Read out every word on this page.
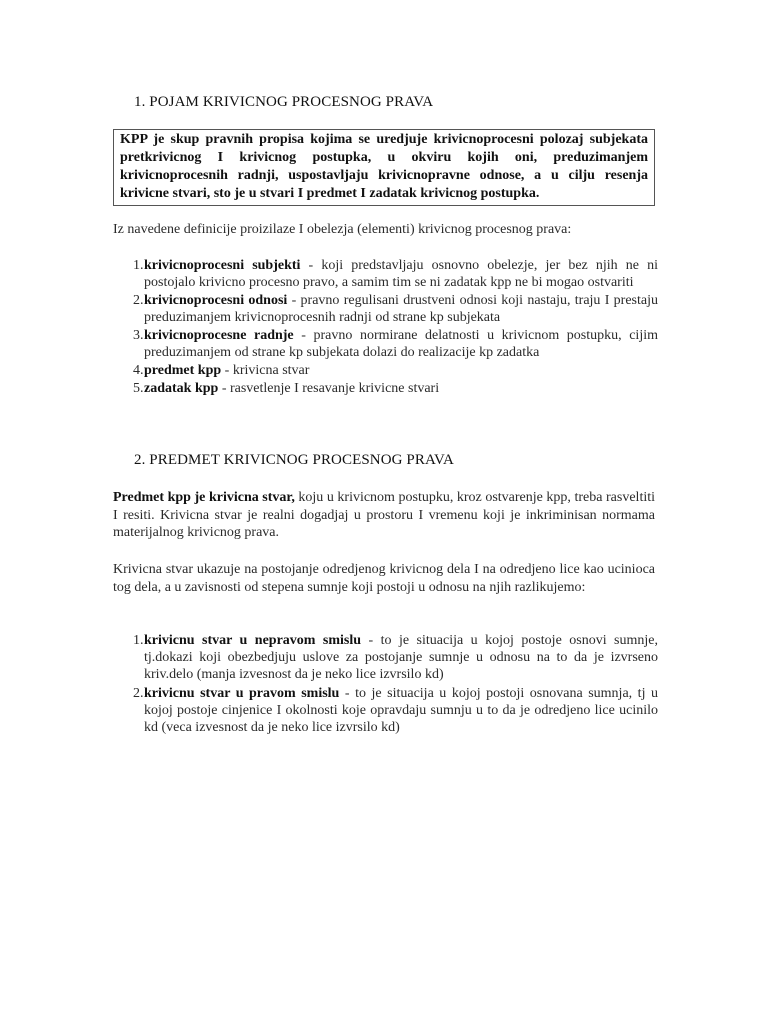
1. POJAM KRIVICNOG PROCESNOG PRAVA
KPP je skup pravnih propisa kojima se uredjuje krivicnoprocesni polozaj subjekata pretkrivicnog I krivicnog postupka, u okviru kojih oni, preduzimanjem krivicnoprocesnih radnji, uspostavljaju krivicnopravne odnose, a u cilju resenja krivicne stvari, sto je u stvari I predmet I zadatak krivicnog postupka.
Iz navedene definicije proizilaze I obelezja (elementi) krivicnog procesnog prava:
1. krivicnoprocesni subjekti - koji predstavljaju osnovno obelezje, jer bez njih ne ni postojalo krivicno procesno pravo, a samim tim se ni zadatak kpp ne bi mogao ostvariti
2. krivicnoprocesni odnosi - pravno regulisani drustveni odnosi koji nastaju, traju I prestaju preduzimanjem krivicnoprocesnih radnji od strane kp subjekata
3. krivicnoprocesne radnje - pravno normirane delatnosti u krivicnom postupku, cijim preduzimanjem od strane kp subjekata dolazi do realizacije kp zadatka
4. predmet kpp - krivicna stvar
5. zadatak kpp - rasvetlenje I resavanje krivicne stvari
2. PREDMET KRIVICNOG PROCESNOG PRAVA
Predmet kpp je krivicna stvar, koju u krivicnom postupku, kroz ostvarenje kpp, treba rasveltiti I resiti. Krivicna stvar je realni dogadjaj u prostoru I vremenu koji je inkriminisan normama materijalnog krivicnog prava.
Krivicna stvar ukazuje na postojanje odredjenog krivicnog dela I na odredjeno lice kao ucinioca tog dela, a u zavisnosti od stepena sumnje koji postoji u odnosu na njih razlikujemo:
1. krivicnu stvar u nepravom smislu - to je situacija u kojoj postoje osnovi sumnje, tj.dokazi koji obezbedjuju uslove za postojanje sumnje u odnosu na to da je izvrseno kriv.delo (manja izvesnost da je neko lice izvrsilo kd)
2. krivicnu stvar u pravom smislu - to je situacija u kojoj postoji osnovana sumnja, tj u kojoj postoje cinjenice I okolnosti koje opravdaju sumnju u to da je odredjeno lice ucinilo kd (veca izvesnost da je neko lice izvrsilo kd)
